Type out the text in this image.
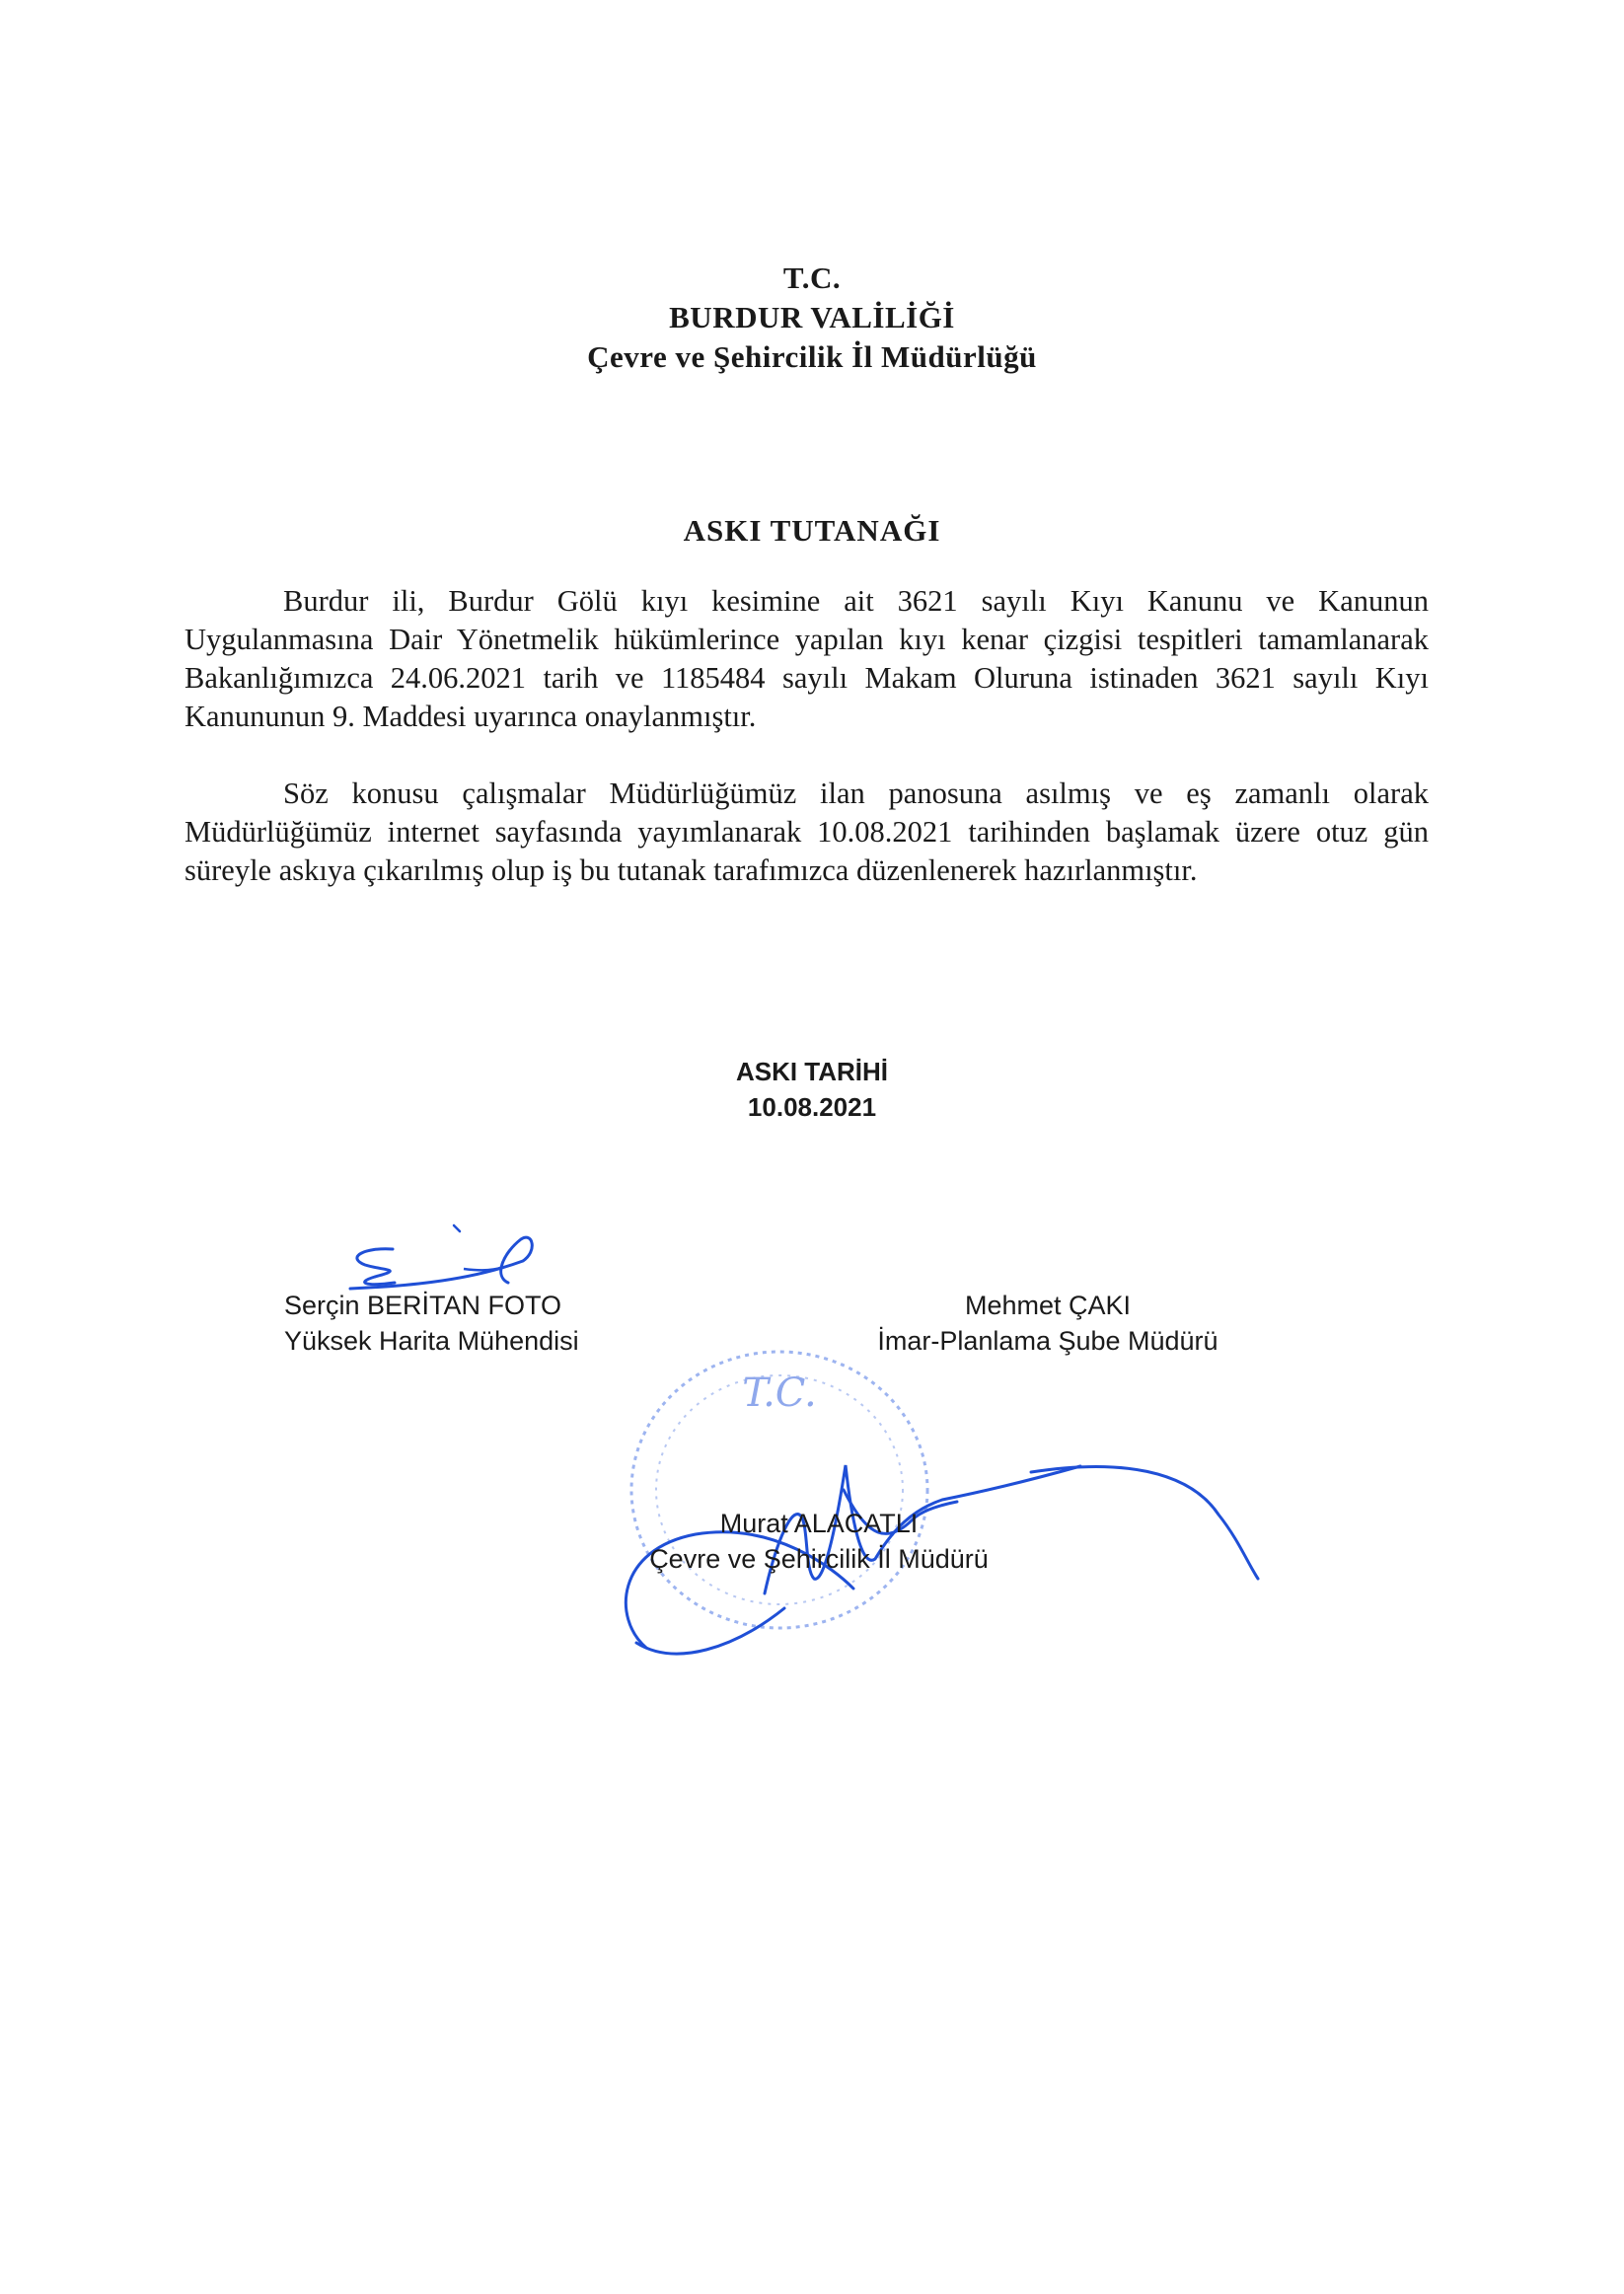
T.C.
BURDUR VALİLİĞİ
Çevre ve Şehircilik İl Müdürlüğü
ASKI TUTANAĞI

Burdur ili, Burdur Gölü kıyı kesimine ait 3621 sayılı Kıyı Kanunu ve Kanunun Uygulanmasına Dair Yönetmelik hükümlerince yapılan kıyı kenar çizgisi tespitleri tamamlanarak Bakanlığımızca 24.06.2021 tarih ve 1185484 sayılı Makam Oluruna istinaden 3621 sayılı Kıyı Kanununun 9. Maddesi uyarınca onaylanmıştır.

Söz konusu çalışmalar Müdürlüğümüz ilan panosuna asılmış ve eş zamanlı olarak Müdürlüğümüz internet sayfasında yayımlanarak 10.08.2021 tarihinden başlamak üzere otuz gün süreyle askıya çıkarılmış olup iş bu tutanak tarafımızca düzenlenerek hazırlanmıştır.

ASKI TARİHİ
10.08.2021
Serçin BERİTAN FOTO
Yüksek Harita Mühendisi
Mehmet ÇAKI
İmar-Planlama Şube Müdürü
T.C.
Murat ALACATLI
Çevre ve Şehircilik İl Müdürü
